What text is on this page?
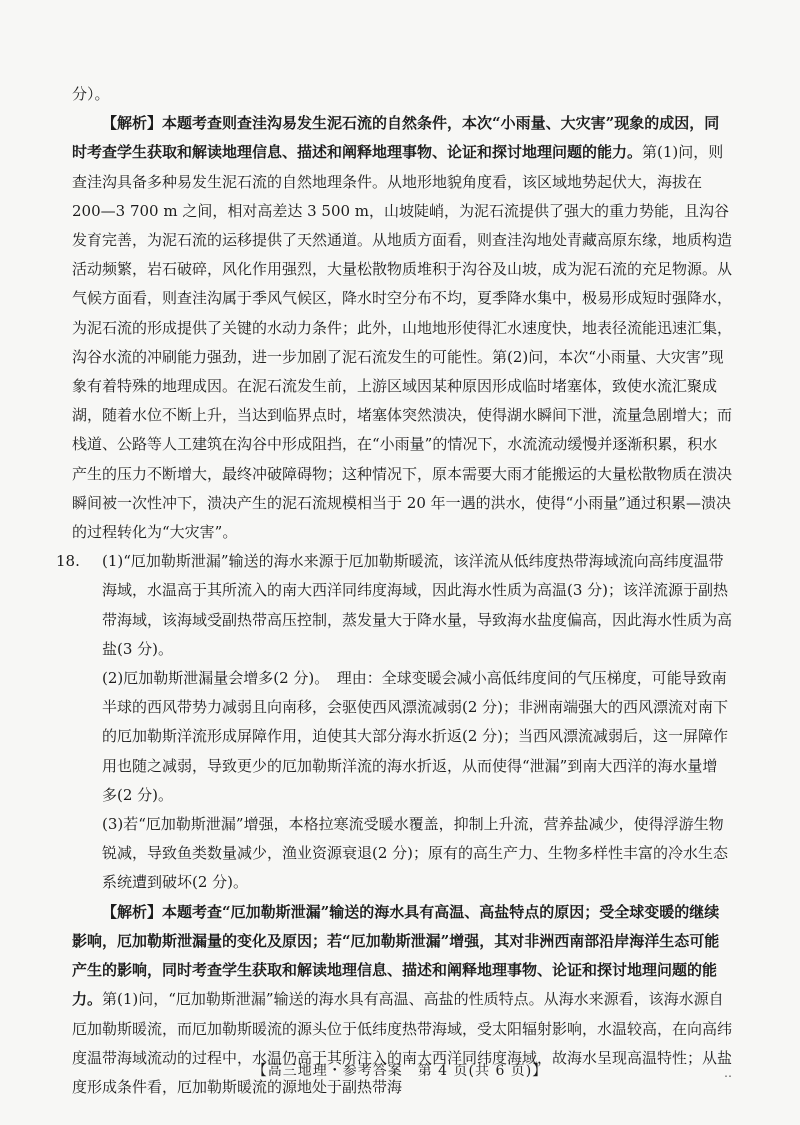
分）。

【解析】本题考查则查洼沟易发生泥石流的自然条件，本次“小雨量、大灾害”现象的成因，同时考查学生获取和解读地理信息、描述和阐释地理事物、论证和探讨地理问题的能力。第(1)问，则查洼沟具备多种易发生泥石流的自然地理条件。从地形地貌角度看，该区域地势起伏大，海拔在 200—3 700 m 之间，相对高差达 3 500 m，山坡陡峭，为泥石流提供了强大的重力势能，且沟谷发育完善，为泥石流的运移提供了天然通道。从地质方面看，则查洼沟地处青藏高原东缘，地质构造活动频繁，岩石破碎，风化作用强烈，大量松散物质堆积于沟谷及山坡，成为泥石流的充足物源。从气候方面看，则查洼沟属于季风气候区，降水时空分布不均，夏季降水集中，极易形成短时强降水，为泥石流的形成提供了关键的水动力条件；此外，山地地形使得汇水速度快，地表径流能迅速汇集，沟谷水流的冲刷能力强劲，进一步加剧了泥石流发生的可能性。第(2)问，本次“小雨量、大灾害”现象有着特殊的地理成因。在泥石流发生前，上游区域因某种原因形成临时堵塞体，致使水流汇聚成湖，随着水位不断上升，当达到临界点时，堵塞体突然溃决，使得湖水瞬间下泄，流量急剧增大；而栈道、公路等人工建筑在沟谷中形成阻挡，在“小雨量”的情况下，水流流动缓慢并逐渐积累，积水产生的压力不断增大，最终冲破障碍物；这种情况下，原本需要大雨才能搬运的大量松散物质在溃决瞬间被一次性冲下，溃决产生的泥石流规模相当于 20 年一遇的洪水，使得“小雨量”通过积累—溃决的过程转化为“大灾害”。

18. (1)“厄加勒斯泄漏”输送的海水来源于厄加勒斯暖流，该洋流从低纬度热带海域流向高纬度温带海域，水温高于其所流入的南大西洋同纬度海域，因此海水性质为高温(3 分)；该洋流源于副热带海域，该海域受副热带高压控制，蒸发量大于降水量，导致海水盐度偏高，因此海水性质为高盐(3 分)。

(2)厄加勒斯泄漏量会增多(2 分)。　理由：全球变暖会减小高低纬度间的气压梯度，可能导致南半球的西风带势力减弱且向南移，会驱使西风漂流减弱(2 分)；非洲南端强大的西风漂流对南下的厄加勒斯洋流形成屏障作用，迫使其大部分海水折返(2 分)；当西风漂流减弱后，这一屏障作用也随之减弱，导致更少的厄加勒斯洋流的海水折返，从而使得“泄漏”到南大西洋的海水量增多(2 分)。

(3)若“厄加勒斯泄漏”增强，本格拉寒流受暖水覆盖，抑制上升流，营养盐减少，使得浮游生物锐减，导致鱼类数量减少，渔业资源衰退(2 分)；原有的高生产力、生物多样性丰富的冷水生态系统遭到破坏(2 分)。

【解析】本题考查“厄加勒斯泄漏”输送的海水具有高温、高盐特点的原因；受全球变暖的继续影响，厄加勒斯泄漏量的变化及原因；若“厄加勒斯泄漏”增强，其对非洲西南部沿岸海洋生态可能产生的影响，同时考查学生获取和解读地理信息、描述和阐释地理事物、论证和探讨地理问题的能力。第(1)问，“厄加勒斯泄漏”输送的海水具有高温、高盐的性质特点。从海水来源看，该海水源自厄加勒斯暖流，而厄加勒斯暖流的源头位于低纬度热带海域，受太阳辐射影响，水温较高，在向高纬度温带海域流动的过程中，水温仍高于其所注入的南大西洋同纬度海域，故海水呈现高温特性；从盐度形成条件看，厄加勒斯暖流的源地处于副热带海

【高三地理・参考答案　第 4 页(共 6 页)】	‥
